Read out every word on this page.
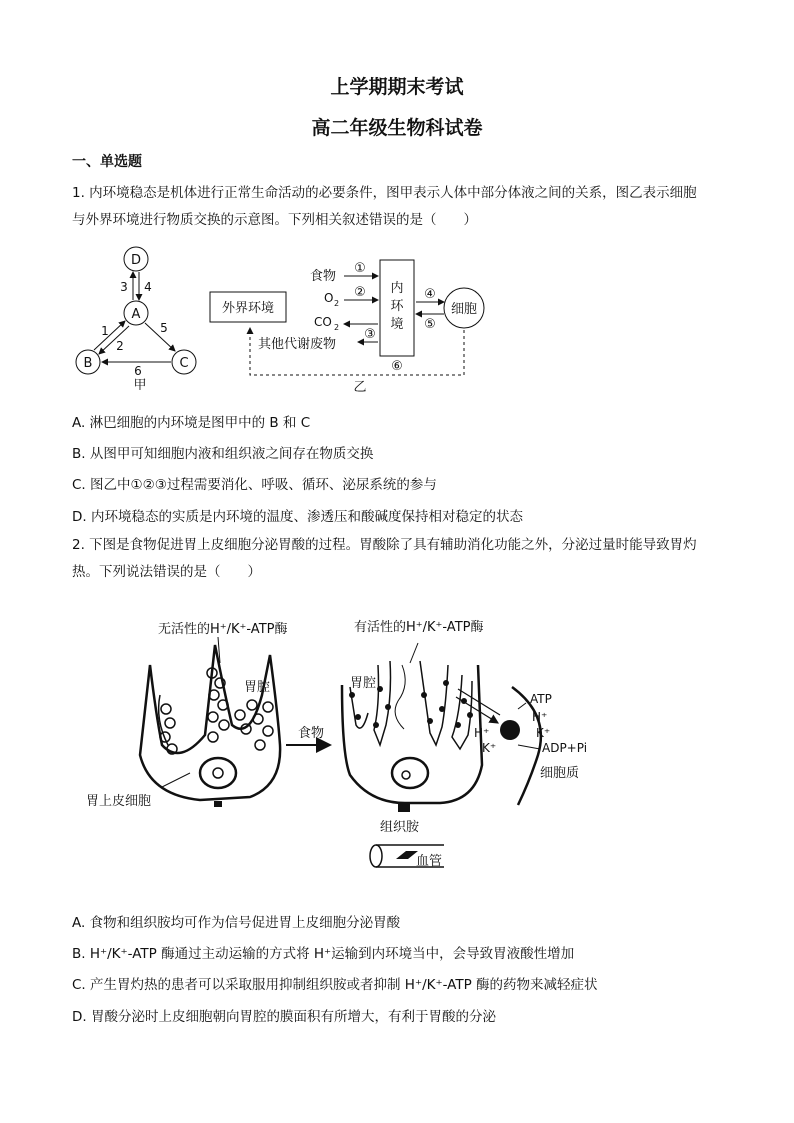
上学期期末考试
高二年级生物科试卷
一、单选题
1. 内环境稳态是机体进行正常生命活动的必要条件，图甲表示人体中部分体液之间的关系，图乙表示细胞
与外界环境进行物质交换的示意图。下列相关叙述错误的是（　　）
D
A
B	C
3 4
1
2
5
6
甲
外界环境
食物
O 2
CO 2
其他代谢废物
①
②
③
内
环
境
④
⑤
细胞
⑥
乙
A. 淋巴细胞的内环境是图甲中的 B 和 C
B. 从图甲可知细胞内液和组织液之间存在物质交换
C. 图乙中①②③过程需要消化、呼吸、循环、泌尿系统的参与
D. 内环境稳态的实质是内环境的温度、渗透压和酸碱度保持相对稳定的状态
2. 下图是食物促进胃上皮细胞分泌胃酸的过程。胃酸除了具有辅助消化功能之外，分泌过量时能导致胃灼
热。下列说法错误的是（　　）
无活性的H⁺/K⁺-ATP酶
胃腔
胃上皮细胞
食物
有活性的H⁺/K⁺-ATP酶
胃腔
组织胺
血管
ATP
H⁺
K⁺
ADP+Pi
H⁺
K⁺
细胞质
A. 食物和组织胺均可作为信号促进胃上皮细胞分泌胃酸
B. H⁺/K⁺-ATP 酶通过主动运输的方式将 H⁺运输到内环境当中，会导致胃液酸性增加
C. 产生胃灼热的患者可以采取服用抑制组织胺或者抑制 H⁺/K⁺-ATP 酶的药物来减轻症状
D. 胃酸分泌时上皮细胞朝向胃腔的膜面积有所增大，有利于胃酸的分泌
